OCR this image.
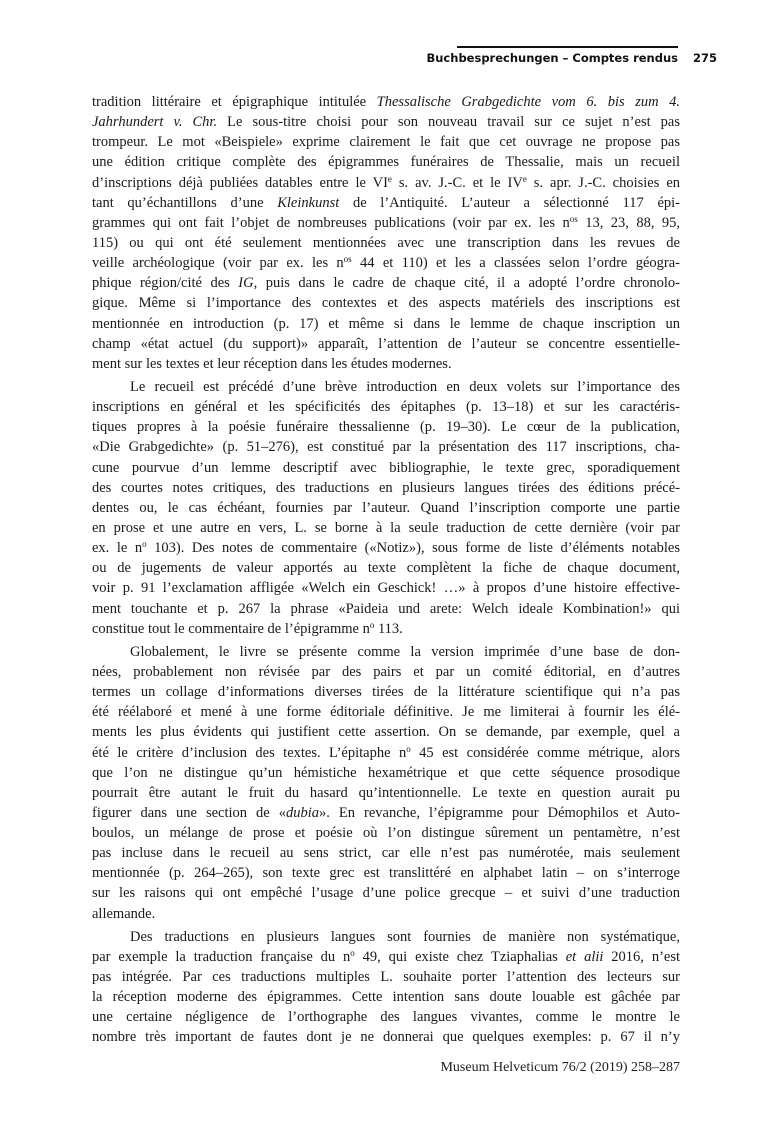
Buchbesprechungen – Comptes rendus 275
tradition littéraire et épigraphique intitulée Thessalische Grabgedichte vom 6. bis zum 4.
Jahrhundert v. Chr. Le sous-titre choisi pour son nouveau travail sur ce sujet n’est pas
trompeur. Le mot «Beispiele» exprime clairement le fait que cet ouvrage ne propose pas
une édition critique complète des épigrammes funéraires de Thessalie, mais un recueil
d’inscriptions déjà publiées datables entre le VIe s. av. J.-C. et le IVe s. apr. J.-C. choisies en
tant qu’échantillons d’une Kleinkunst de l’Antiquité. L’auteur a sélectionné 117 épi-
grammes qui ont fait l’objet de nombreuses publications (voir par ex. les $n^{os}$ 13, 23, 88, 95,
115) ou qui ont été seulement mentionnées avec une transcription dans les revues de
veille archéologique (voir par ex. les $n^{os}$ 44 et 110) et les a classées selon l’ordre géogra-
phique région/cité des IG, puis dans le cadre de chaque cité, il a adopté l’ordre chronolo-
gique. Même si l’importance des contextes et des aspects matériels des inscriptions est
mentionnée en introduction (p. 17) et même si dans le lemme de chaque inscription un
champ «état actuel (du support)» apparaît, l’attention de l’auteur se concentre essentielle-
ment sur les textes et leur réception dans les études modernes.
Le recueil est précédé d’une brève introduction en deux volets sur l’importance des
inscriptions en général et les spécificités des épitaphes (p. 13–18) et sur les caractéris-
tiques propres à la poésie funéraire thessalienne (p. 19–30). Le cœur de la publication,
«Die Grabgedichte» (p. 51–276), est constitué par la présentation des 117 inscriptions, cha-
cune pourvue d’un lemme descriptif avec bibliographie, le texte grec, sporadiquement
des courtes notes critiques, des traductions en plusieurs langues tirées des éditions précé-
dentes ou, le cas échéant, fournies par l’auteur. Quand l’inscription comporte une partie
en prose et une autre en vers, L. se borne à la seule traduction de cette dernière (voir par
ex. le $n^o$ 103). Des notes de commentaire («Notiz»), sous forme de liste d’éléments notables
ou de jugements de valeur apportés au texte complètent la fiche de chaque document,
voir p. 91 l’exclamation affligée «Welch ein Geschick! …» à propos d’une histoire effective-
ment touchante et p. 267 la phrase «Paideia und arete: Welch ideale Kombination!» qui
constitue tout le commentaire de l’épigramme $n^o$ 113.
Globalement, le livre se présente comme la version imprimée d’une base de don-
nées, probablement non révisée par des pairs et par un comité éditorial, en d’autres
termes un collage d’informations diverses tirées de la littérature scientifique qui n’a pas
été réélaboré et mené à une forme éditoriale définitive. Je me limiterai à fournir les élé-
ments les plus évidents qui justifient cette assertion. On se demande, par exemple, quel a
été le critère d’inclusion des textes. L’épitaphe $n^o$ 45 est considérée comme métrique, alors
que l’on ne distingue qu’un hémistiche hexamétrique et que cette séquence prosodique
pourrait être autant le fruit du hasard qu’intentionnelle. Le texte en question aurait pu
figurer dans une section de «dubia». En revanche, l’épigramme pour Démophilos et Auto-
boulos, un mélange de prose et poésie où l’on distingue sûrement un pentamètre, n’est
pas incluse dans le recueil au sens strict, car elle n’est pas numérotée, mais seulement
mentionnée (p. 264–265), son texte grec est translittéré en alphabet latin – on s’interroge
sur les raisons qui ont empêché l’usage d’une police grecque – et suivi d’une traduction
allemande.
Des traductions en plusieurs langues sont fournies de manière non systématique,
par exemple la traduction française du $n^o$ 49, qui existe chez Tziaphalias et alii 2016, n’est
pas intégrée. Par ces traductions multiples L. souhaite porter l’attention des lecteurs sur
la réception moderne des épigrammes. Cette intention sans doute louable est gâchée par
une certaine négligence de l’orthographe des langues vivantes, comme le montre le
nombre très important de fautes dont je ne donnerai que quelques exemples: p. 67 il n’y
Museum Helveticum 76/2 (2019) 258–287
